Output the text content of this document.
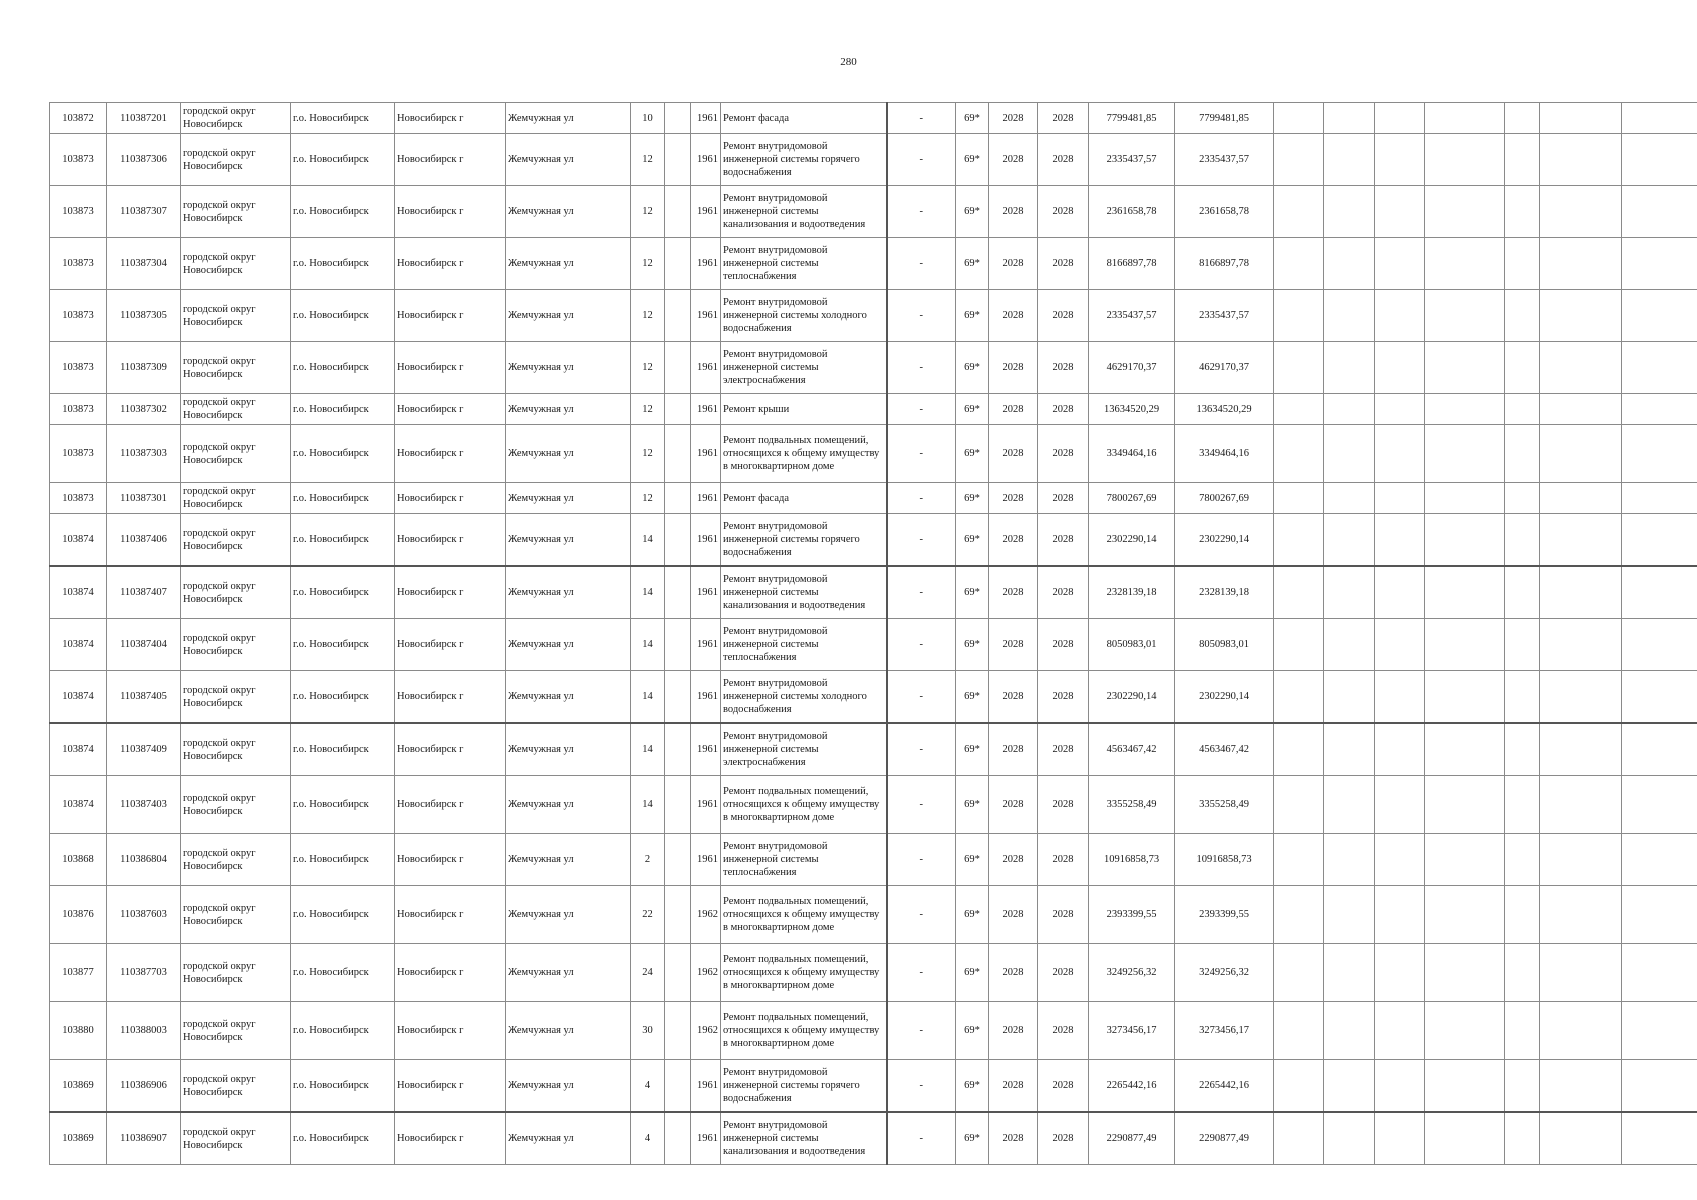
280
103872	110387201	городской округ Новосибирск	г.о. Новосибирск	Новосибирск г	Жемчужная ул	10		1961	Ремонт фасада	-	69*	2028	2028	7799481,85	7799481,85							
103873	110387306	городской округ Новосибирск	г.о. Новосибирск	Новосибирск г	Жемчужная ул	12		1961	Ремонт внутридомовой инженерной системы горячего водоснабжения	-	69*	2028	2028	2335437,57	2335437,57							
103873	110387307	городской округ Новосибирск	г.о. Новосибирск	Новосибирск г	Жемчужная ул	12		1961	Ремонт внутридомовой инженерной системы канализования и водоотведения	-	69*	2028	2028	2361658,78	2361658,78							
103873	110387304	городской округ Новосибирск	г.о. Новосибирск	Новосибирск г	Жемчужная ул	12		1961	Ремонт внутридомовой инженерной системы теплоснабжения	-	69*	2028	2028	8166897,78	8166897,78							
103873	110387305	городской округ Новосибирск	г.о. Новосибирск	Новосибирск г	Жемчужная ул	12		1961	Ремонт внутридомовой инженерной системы холодного водоснабжения	-	69*	2028	2028	2335437,57	2335437,57							
103873	110387309	городской округ Новосибирск	г.о. Новосибирск	Новосибирск г	Жемчужная ул	12		1961	Ремонт внутридомовой инженерной системы электроснабжения	-	69*	2028	2028	4629170,37	4629170,37							
103873	110387302	городской округ Новосибирск	г.о. Новосибирск	Новосибирск г	Жемчужная ул	12		1961	Ремонт крыши	-	69*	2028	2028	13634520,29	13634520,29							
103873	110387303	городской округ Новосибирск	г.о. Новосибирск	Новосибирск г	Жемчужная ул	12		1961	Ремонт подвальных помещений, относящихся к общему имуществу в многоквартирном доме	-	69*	2028	2028	3349464,16	3349464,16							
103873	110387301	городской округ Новосибирск	г.о. Новосибирск	Новосибирск г	Жемчужная ул	12		1961	Ремонт фасада	-	69*	2028	2028	7800267,69	7800267,69							
103874	110387406	городской округ Новосибирск	г.о. Новосибирск	Новосибирск г	Жемчужная ул	14		1961	Ремонт внутридомовой инженерной системы горячего водоснабжения	-	69*	2028	2028	2302290,14	2302290,14							
103874	110387407	городской округ Новосибирск	г.о. Новосибирск	Новосибирск г	Жемчужная ул	14		1961	Ремонт внутридомовой инженерной системы канализования и водоотведения	-	69*	2028	2028	2328139,18	2328139,18							
103874	110387404	городской округ Новосибирск	г.о. Новосибирск	Новосибирск г	Жемчужная ул	14		1961	Ремонт внутридомовой инженерной системы теплоснабжения	-	69*	2028	2028	8050983,01	8050983,01							
103874	110387405	городской округ Новосибирск	г.о. Новосибирск	Новосибирск г	Жемчужная ул	14		1961	Ремонт внутридомовой инженерной системы холодного водоснабжения	-	69*	2028	2028	2302290,14	2302290,14							
103874	110387409	городской округ Новосибирск	г.о. Новосибирск	Новосибирск г	Жемчужная ул	14		1961	Ремонт внутридомовой инженерной системы электроснабжения	-	69*	2028	2028	4563467,42	4563467,42							
103874	110387403	городской округ Новосибирск	г.о. Новосибирск	Новосибирск г	Жемчужная ул	14		1961	Ремонт подвальных помещений, относящихся к общему имуществу в многоквартирном доме	-	69*	2028	2028	3355258,49	3355258,49							
103868	110386804	городской округ Новосибирск	г.о. Новосибирск	Новосибирск г	Жемчужная ул	2		1961	Ремонт внутридомовой инженерной системы теплоснабжения	-	69*	2028	2028	10916858,73	10916858,73							
103876	110387603	городской округ Новосибирск	г.о. Новосибирск	Новосибирск г	Жемчужная ул	22		1962	Ремонт подвальных помещений, относящихся к общему имуществу в многоквартирном доме	-	69*	2028	2028	2393399,55	2393399,55							
103877	110387703	городской округ Новосибирск	г.о. Новосибирск	Новосибирск г	Жемчужная ул	24		1962	Ремонт подвальных помещений, относящихся к общему имуществу в многоквартирном доме	-	69*	2028	2028	3249256,32	3249256,32							
103880	110388003	городской округ Новосибирск	г.о. Новосибирск	Новосибирск г	Жемчужная ул	30		1962	Ремонт подвальных помещений, относящихся к общему имуществу в многоквартирном доме	-	69*	2028	2028	3273456,17	3273456,17							
103869	110386906	городской округ Новосибирск	г.о. Новосибирск	Новосибирск г	Жемчужная ул	4		1961	Ремонт внутридомовой инженерной системы горячего водоснабжения	-	69*	2028	2028	2265442,16	2265442,16							
103869	110386907	городской округ Новосибирск	г.о. Новосибирск	Новосибирск г	Жемчужная ул	4		1961	Ремонт внутридомовой инженерной системы канализования и водоотведения	-	69*	2028	2028	2290877,49	2290877,49							
